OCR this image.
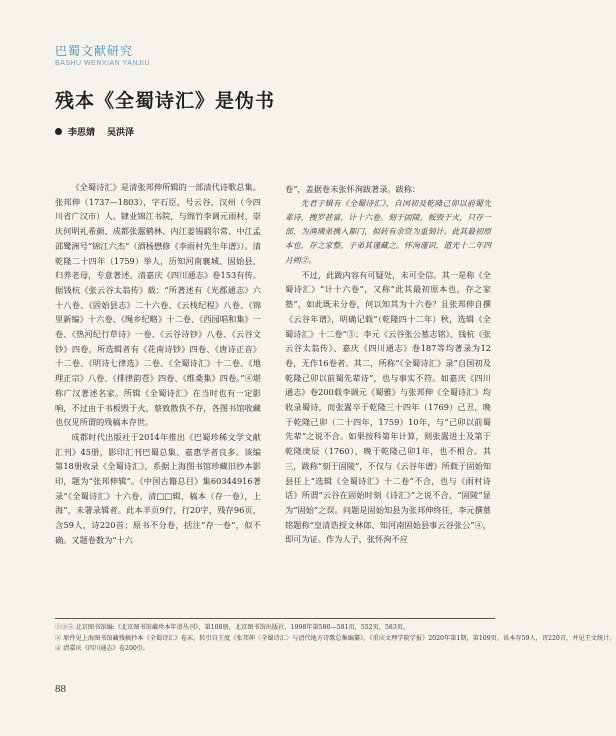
巴蜀文献研究
BASHU WENXIAN YANJIU
残本《全蜀诗汇》是伪书
李思婧 吴洪泽

《全蜀诗汇》是清张邦伸所辑的一部清代诗歌总集。张邦伸（1737—1803），字石臣，号云谷，汉州（今四川省广汉市）人。肄业锦江书院，与绵竹李调元雨村、崇庆何明礼希颜、成都张翯鹤林、内江姜锡嘏尔常、中江孟邵鹭洲号“锦江六杰”（酒杨懋修《李雨村先生年谱》）。清乾隆二十四年（1759）举人，历知河南襄城、固始县，归养老母，专意著述。清嘉庆《四川通志》卷153有传。据钱杭《张云谷太翁传》载：“所著述有《光郡通志》六十八卷、《固始县志》二十六卷、《云栈纪程》八卷、《锦里新编》十六卷、《绳乡纪略》十二卷、《西园唱和集》一卷、《热河纪行草诗》一卷、《云谷诗钞》八卷、《云谷文钞》四卷，所选辑者有《花南诗钞》四卷、《唐诗正音》十二卷、《明诗七律选》二卷、《全蜀诗汇》十二卷、《地理正宗》八卷、《排律韵苍》四卷、《维桑集》四卷。”④堪称广汉著述名家。所辑《全蜀诗汇》在当时也有一定影响，不过由于书板毁于火，蔡致散佚不存，各图书馆收藏也仅见所谓的残稿本存世。

成都时代出版社于2014年推出《巴蜀珍稀文学文献汇刊》45册，影印汇刊巴蜀总集、嘉惠学者良多。该编第18册收录《全蜀诗汇》，系据上海图书馆珍藏旧抄本影印，题为“张邦伸辑”。《中国古籍总目》集60344916著录“《全蜀诗汇》十六卷，清□□辑，稿本（存一卷），上海”，未署录辑者。此本半页9行，行20字，残存96页，含59人，诗220首；原书不分卷，括注“存一卷”，似不确。又题卷数为“十六

卷”，盖据卷末张怀洵跋著录。跋称：

先君子辑有《全蜀诗汇》，自国初及乾隆己卯以前蜀先辈诗，搜罗甚富，计十六卷。刻于固陵，板毁于火，只存一部，为渔璜弟携入都门，拟转有余资为重刻计。此其最初原本也，存之家整，子弟其谨藏之。怀洵谨识，道光十二年四月朔②。

不过，此跋内容有可疑处，未可全信。其一是称《全蜀诗汇》“计十六卷”，又称“此其最初原本也，存之家塾”，如此既未分卷，何以知其为十六卷？且张邦伸自撰《云谷年谱》，明确记载“（乾隆四十二年）秋，选辑《全蜀诗汇》十二卷”③；李元《云谷张公墓志铭》、钱杭《张云谷太翁传》、嘉庆《四川通志》卷187等均著录为12卷，无作16卷者。其二，所称“《全蜀诗汇》录”自国初及乾隆己卯以前蜀先辈诗”，也与事实不符。如嘉庆《四川通志》卷200载李调元《蜀雅》与张邦伸《全蜀诗汇》均收录蜀诗，而张翯卒于乾隆三十四年（1769）己丑，晚于乾隆己卯（二十四年，1759）10年，与“己卯以前蜀先辈”之说不合。如果按科第年计算，则张翯进士及第于乾隆庚辰（1760），晚于乾隆己卯1年，也不相合。其三，跋称“刻于固陵”，不仅与《云谷年谱》所载于固始知县任上“选辑《全蜀诗汇》十二卷”不合，也与《雨村诗话》所谓“云谷在固始时刻《诗汇》”之说不合，“固陵”显为“固始”之误。问题是固始知县为张邦伸终任，李元撰墓铭题称“皇清诰授文林郎、知河南固始县事云谷张公”④，即可为证。作为人子，张怀洵不应

①③⑤ 北京图书馆编:《北京图书馆藏珍本年谱丛刊》，第108册，北京图书馆出版社，1998年第580—581页，552页，583页。
② 原件见上海图书馆藏残稿抄本《全蜀诗汇》卷末，转引自王度《张邦伸〈全蜀诗汇〉与清代地方诗歌总集编纂》，《重庆文理学院学报》2020年第1期，第109页。该本存59人，诗220首，并见王文统计。
④ 清嘉庆《四川通志》卷200引。
88
